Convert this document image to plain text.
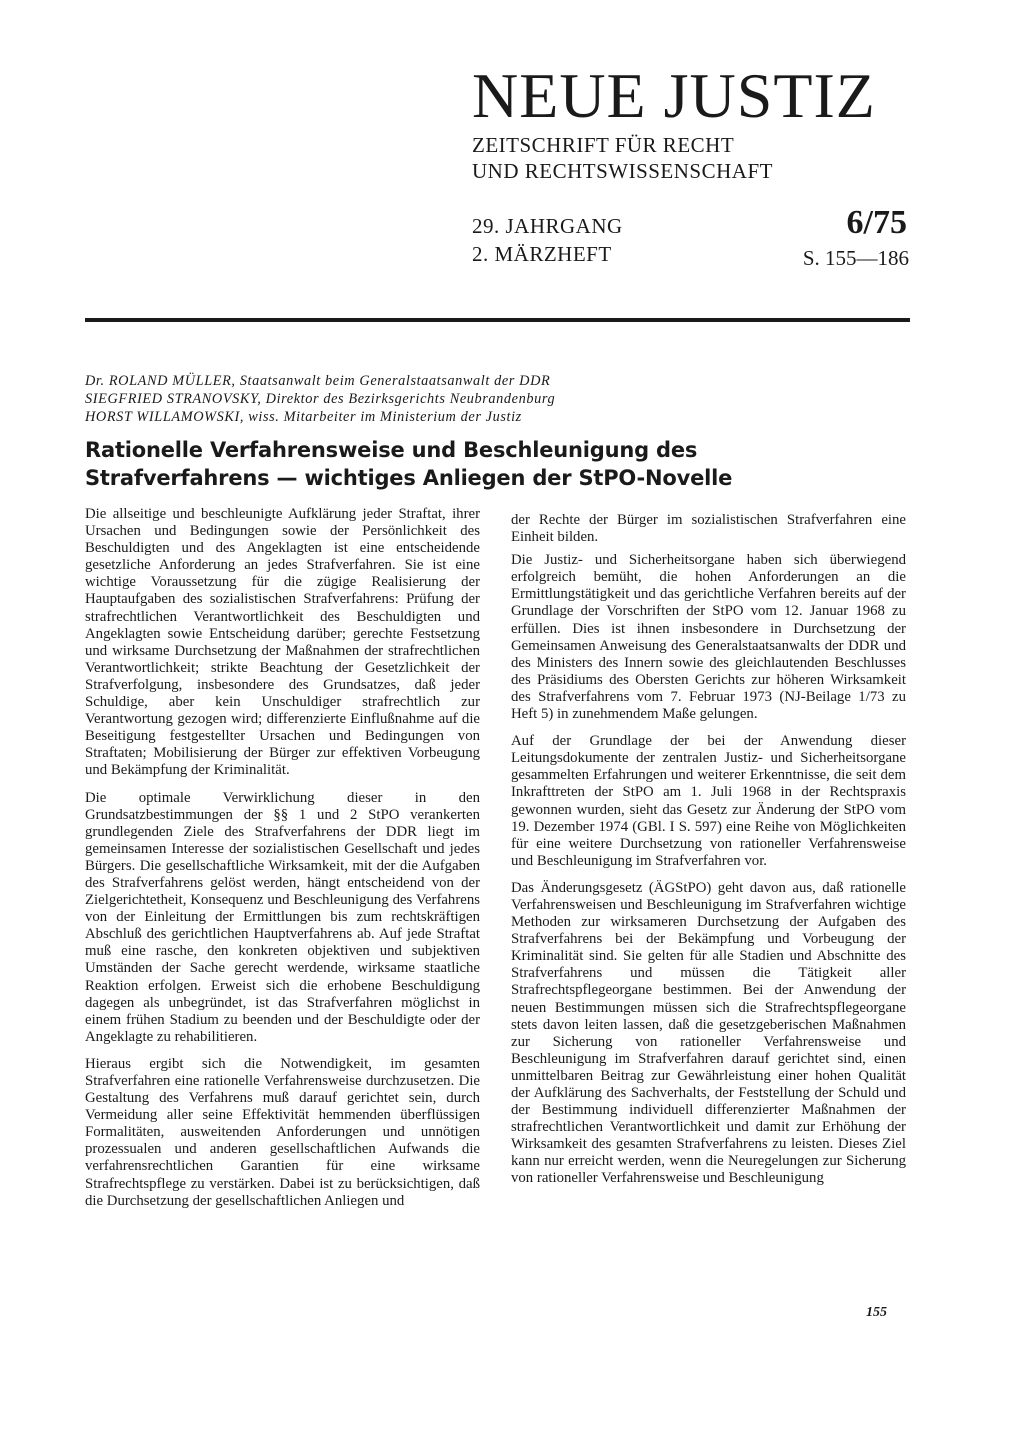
NEUE JUSTIZ
ZEITSCHRIFT FÜR RECHT
UND RECHTSWISSENSCHAFT
29. JAHRGANG
2. MÄRZHEFT
6/75
S. 155—186
Dr. ROLAND MÜLLER, Staatsanwalt beim Generalstaatsanwalt der DDR
SIEGFRIED STRANOVSKY, Direktor des Bezirksgerichts Neubrandenburg
HORST WILLAMOWSKI, wiss. Mitarbeiter im Ministerium der Justiz
Rationelle Verfahrensweise und Beschleunigung des Strafverfahrens — wichtiges Anliegen der StPO-Novelle

Die allseitige und beschleunigte Aufklärung jeder Straftat, ihrer Ursachen und Bedingungen sowie der Persönlichkeit des Beschuldigten und des Angeklagten ist eine entscheidende gesetzliche Anforderung an jedes Strafverfahren. Sie ist eine wichtige Voraussetzung für die zügige Realisierung der Hauptaufgaben des sozialistischen Strafverfahrens: Prüfung der strafrechtlichen Verantwortlichkeit des Beschuldigten und Angeklagten sowie Entscheidung darüber; gerechte Festsetzung und wirksame Durchsetzung der Maßnahmen der strafrechtlichen Verantwortlichkeit; strikte Beachtung der Gesetzlichkeit der Strafverfolgung, insbesondere des Grundsatzes, daß jeder Schuldige, aber kein Unschuldiger strafrechtlich zur Verantwortung gezogen wird; differenzierte Einflußnahme auf die Beseitigung festgestellter Ursachen und Bedingungen von Straftaten; Mobilisierung der Bürger zur effektiven Vorbeugung und Bekämpfung der Kriminalität.

Die optimale Verwirklichung dieser in den Grundsatzbestimmungen der §§ 1 und 2 StPO verankerten grundlegenden Ziele des Strafverfahrens der DDR liegt im gemeinsamen Interesse der sozialistischen Gesellschaft und jedes Bürgers. Die gesellschaftliche Wirksamkeit, mit der die Aufgaben des Strafverfahrens gelöst werden, hängt entscheidend von der Zielgerichtetheit, Konsequenz und Beschleunigung des Verfahrens von der Einleitung der Ermittlungen bis zum rechtskräftigen Abschluß des gerichtlichen Hauptverfahrens ab. Auf jede Straftat muß eine rasche, den konkreten objektiven und subjektiven Umständen der Sache gerecht werdende, wirksame staatliche Reaktion erfolgen. Erweist sich die erhobene Beschuldigung dagegen als unbegründet, ist das Strafverfahren möglichst in einem frühen Stadium zu beenden und der Beschuldigte oder der Angeklagte zu rehabilitieren.

Hieraus ergibt sich die Notwendigkeit, im gesamten Strafverfahren eine rationelle Verfahrensweise durchzusetzen. Die Gestaltung des Verfahrens muß darauf gerichtet sein, durch Vermeidung aller seine Effektivität hemmenden überflüssigen Formalitäten, ausweitenden Anforderungen und unnötigen prozessualen und anderen gesellschaftlichen Aufwands die verfahrensrechtlichen Garantien für eine wirksame Strafrechtspflege zu verstärken. Dabei ist zu berücksichtigen, daß die Durchsetzung der gesellschaftlichen Anliegen und

der Rechte der Bürger im sozialistischen Strafverfahren eine Einheit bilden.

Die Justiz- und Sicherheitsorgane haben sich überwiegend erfolgreich bemüht, die hohen Anforderungen an die Ermittlungstätigkeit und das gerichtliche Verfahren bereits auf der Grundlage der Vorschriften der StPO vom 12. Januar 1968 zu erfüllen. Dies ist ihnen insbesondere in Durchsetzung der Gemeinsamen Anweisung des Generalstaatsanwalts der DDR und des Ministers des Innern sowie des gleichlautenden Beschlusses des Präsidiums des Obersten Gerichts zur höheren Wirksamkeit des Strafverfahrens vom 7. Februar 1973 (NJ-Beilage 1/73 zu Heft 5) in zunehmendem Maße gelungen.

Auf der Grundlage der bei der Anwendung dieser Leitungsdokumente der zentralen Justiz- und Sicherheitsorgane gesammelten Erfahrungen und weiterer Erkenntnisse, die seit dem Inkrafttreten der StPO am 1. Juli 1968 in der Rechtspraxis gewonnen wurden, sieht das Gesetz zur Änderung der StPO vom 19. Dezember 1974 (GBl. I S. 597) eine Reihe von Möglichkeiten für eine weitere Durchsetzung von rationeller Verfahrensweise und Beschleunigung im Strafverfahren vor.

Das Änderungsgesetz (ÄGStPO) geht davon aus, daß rationelle Verfahrensweisen und Beschleunigung im Strafverfahren wichtige Methoden zur wirksameren Durchsetzung der Aufgaben des Strafverfahrens bei der Bekämpfung und Vorbeugung der Kriminalität sind. Sie gelten für alle Stadien und Abschnitte des Strafverfahrens und müssen die Tätigkeit aller Strafrechtspflegeorgane bestimmen. Bei der Anwendung der neuen Bestimmungen müssen sich die Strafrechtspflegeorgane stets davon leiten lassen, daß die gesetzgeberischen Maßnahmen zur Sicherung von rationeller Verfahrensweise und Beschleunigung im Strafverfahren darauf gerichtet sind, einen unmittelbaren Beitrag zur Gewährleistung einer hohen Qualität der Aufklärung des Sachverhalts, der Feststellung der Schuld und der Bestimmung individuell differenzierter Maßnahmen der strafrechtlichen Verantwortlichkeit und damit zur Erhöhung der Wirksamkeit des gesamten Strafverfahrens zu leisten. Dieses Ziel kann nur erreicht werden, wenn die Neuregelungen zur Sicherung von rationeller Verfahrensweise und Beschleunigung

155
